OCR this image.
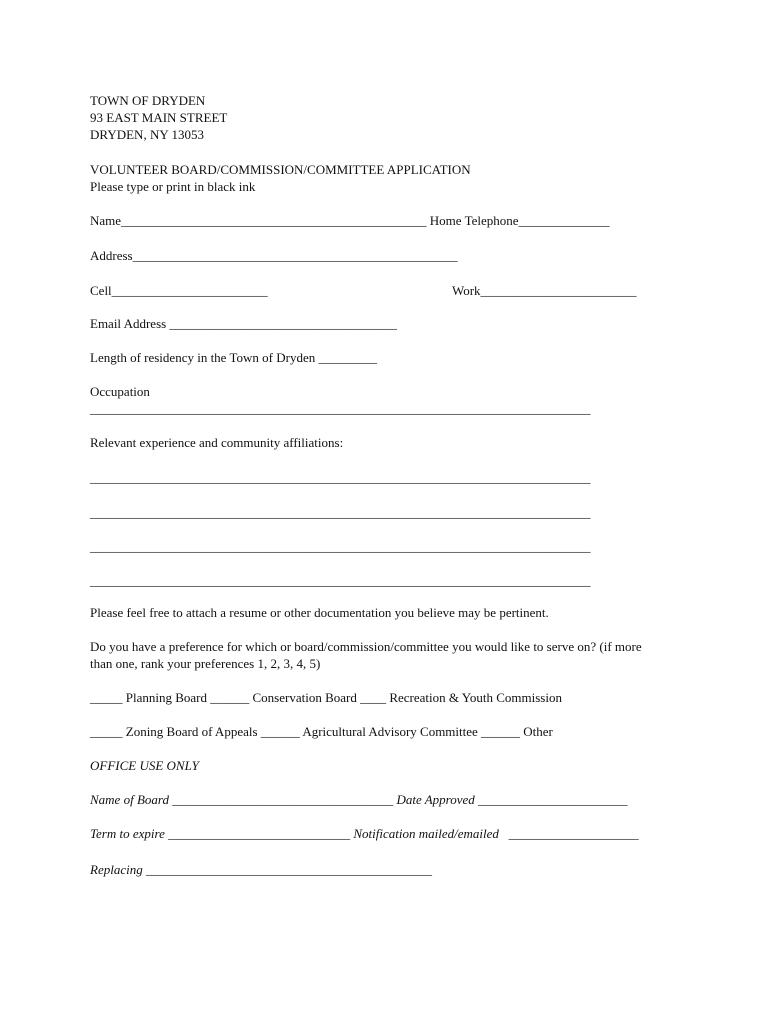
TOWN OF DRYDEN
93 EAST MAIN STREET
DRYDEN, NY 13053
VOLUNTEER BOARD/COMMISSION/COMMITTEE APPLICATION
Please type or print in black ink
Name_______________________________________________ Home Telephone______________
Address__________________________________________________
Cell________________________	Work________________________
Email Address ___________________________________
Length of residency in the Town of Dryden _________
Occupation
_____________________________________________________________________________
Relevant experience and community affiliations:
_____________________________________________________________________________
_____________________________________________________________________________
_____________________________________________________________________________
_____________________________________________________________________________
Please feel free to attach a resume or other documentation you believe may be pertinent.
Do you have a preference for which or board/commission/committee you would like to serve on? (if more
than one, rank your preferences 1, 2, 3, 4, 5)
_____ Planning Board ______ Conservation Board ____ Recreation & Youth Commission
_____ Zoning Board of Appeals ______ Agricultural Advisory Committee ______ Other
OFFICE USE ONLY
Name of Board __________________________________ Date Approved _______________________
Term to expire ____________________________ Notification mailed/emailed   ____________________
Replacing ____________________________________________
